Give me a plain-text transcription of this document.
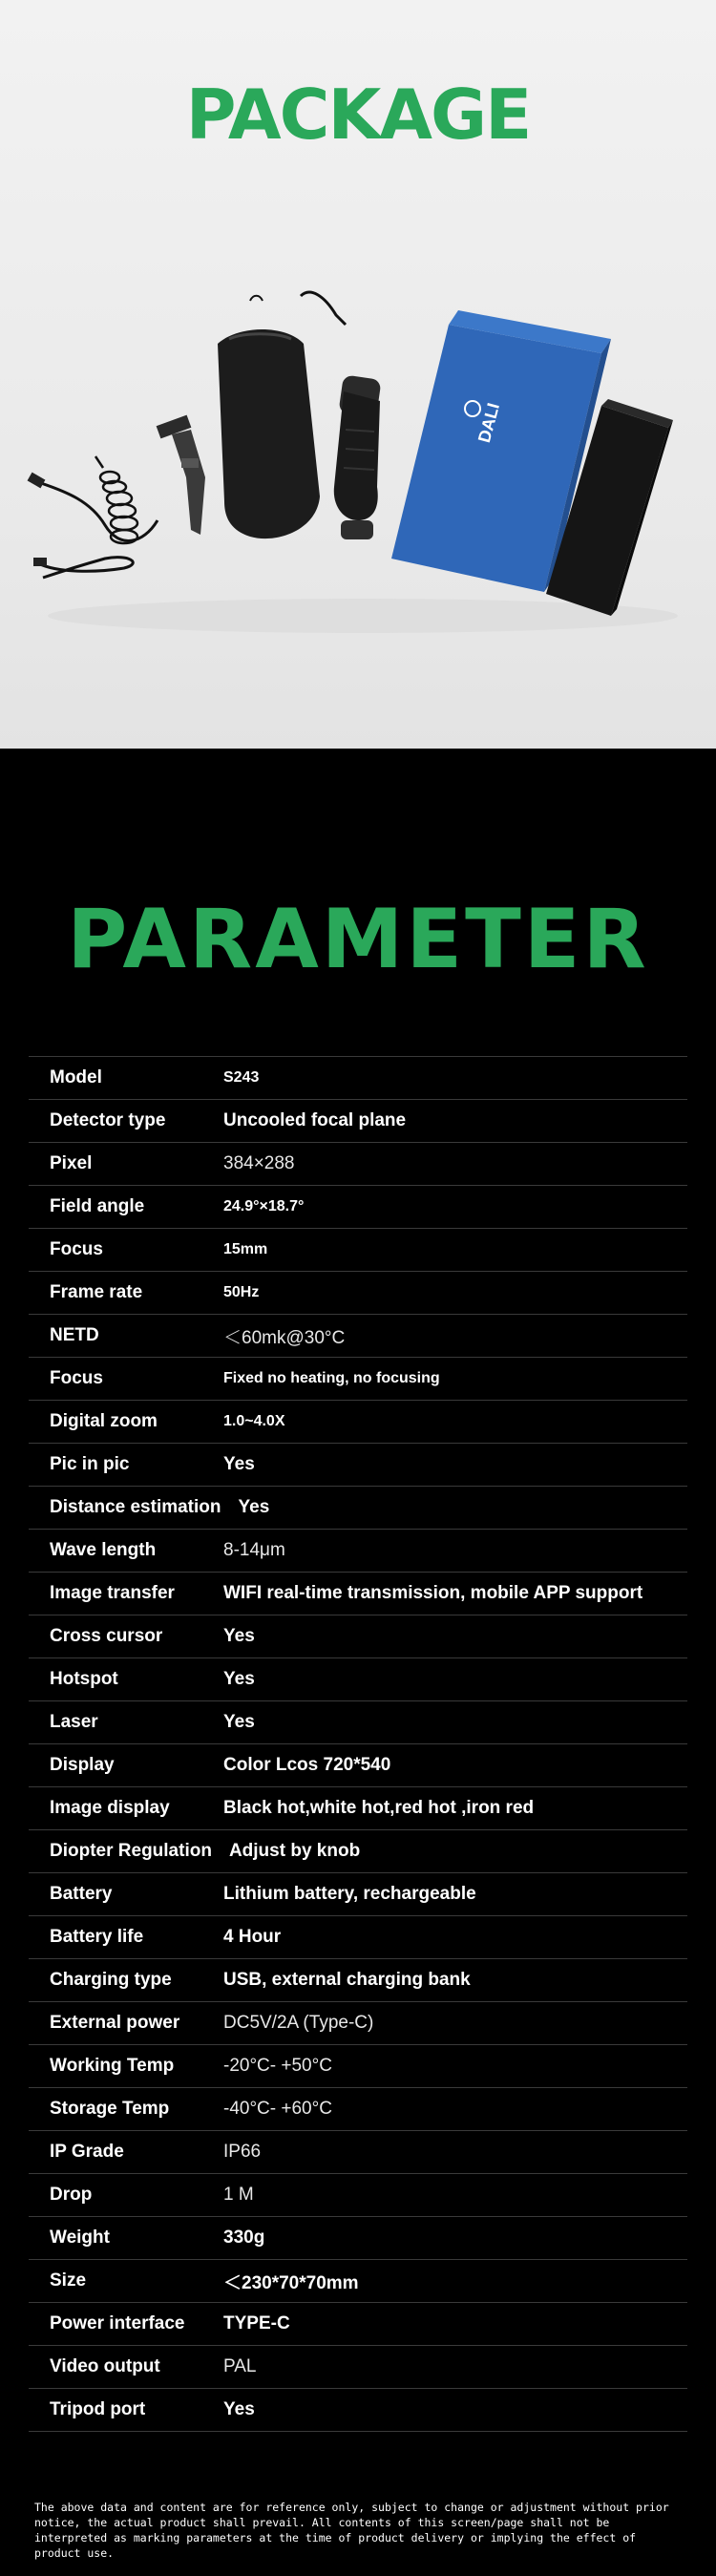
PACKAGE
DALI
PARAMETER
Model	S243
Detector type	Uncooled focal plane
Pixel	384×288
Field angle	24.9°×18.7°
Focus	15mm
Frame rate	50Hz
NETD	＜60mk@30°C
Focus	Fixed no heating, no focusing
Digital zoom	1.0~4.0X
Pic in pic	Yes
Distance estimation Yes
Wave length	8-14μm
Image transfer	WIFI real-time transmission, mobile APP support
Cross cursor	Yes
Hotspot	Yes
Laser	Yes
Display	Color Lcos 720*540
Image display	Black hot,white hot,red hot ,iron red
Diopter Regulation Adjust by knob
Battery	Lithium battery, rechargeable
Battery life	4 Hour
Charging type	USB, external charging bank
External power	DC5V/2A (Type-C)
Working Temp	-20°C- +50°C
Storage Temp	-40°C- +60°C
IP Grade	IP66
Drop	1 M
Weight	330g
Size	＜230*70*70mm
Power interface	TYPE-C
Video output	PAL
Tripod port	Yes

The above data and content are for reference only, subject to change or adjustment without prior notice, the actual product shall prevail. All contents of this screen/page shall not be interpreted as marking parameters at the time of product delivery or implying the effect of product use.
